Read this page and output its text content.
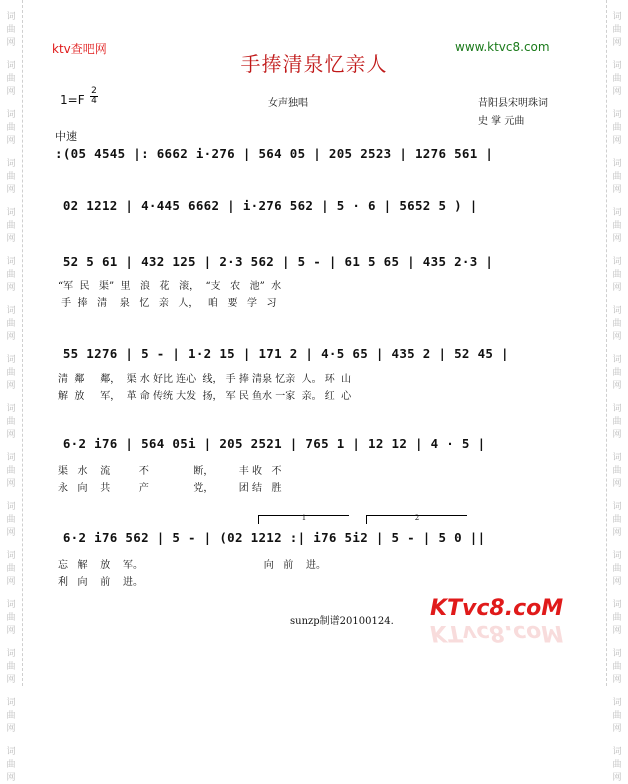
词
曲
网
词
曲
网
词
曲
网
词
曲
网
词
曲
网
词
曲
网
词
曲
网
词
曲
网
词
曲
网
词
曲
网
词
曲
网
词
曲
网
词
曲
网
词
曲
网
词
曲
网
词
曲
网
词
曲
网
词
曲
网
词
曲
网
词
曲
网
词
曲
网
词
曲
网
词
曲
网
词
曲
网
词
曲
网
词
曲
网
词
曲
网
词
曲
网
词
曲
网
词
曲
网
词
曲
网
词
曲
网
ktv查吧网	www.ktvc8.com
手捧清泉忆亲人
1=F
2
4	女声独唱	昔阳县宋明珠词
史 掌 元曲
中速
:(05 4545 |: 6662 i·276 | 564 05 | 205 2523 | 1276 561 |
02 1212 | 4·445 6662 | i·276 562 | 5 · 6 | 5652 5 ) |
52 5 61 | 432 125 | 2·3 562 | 5 - | 61 5 65 | 435 2·3 |
“军  民   渠”  里   浪   花   滚，  “支   农   池”  水
手  捧   清    泉   忆   亲   人，   咱   要   学   习
55 1276 | 5 - | 1·2 15 | 171 2 | 4·5 65 | 435 2 | 52 45 |
清  鄰     鄰，  渠 水 好比 连心  线， 手 捧 清泉 忆亲  人。 环  山
解  放     军，  革 命 传统 大发  扬， 军 民 鱼水 一家  亲。 红  心
6·2 i76 | 564 05i | 205 2521 | 765 1 | 12 12 | 4 · 5 |
渠   水    流         不              断，        丰 收   不
永   向    共         产              党，        团 结   胜
1	2
6·2 i76 562 | 5 - | (02 1212 :| i76 5i2 | 5 - | 5 0 ||
忘   解    放    军。                                      向   前    进。
利   向    前    进。
sunzp制谱20100124.
KTvc8.coM
KTvc8.coM
